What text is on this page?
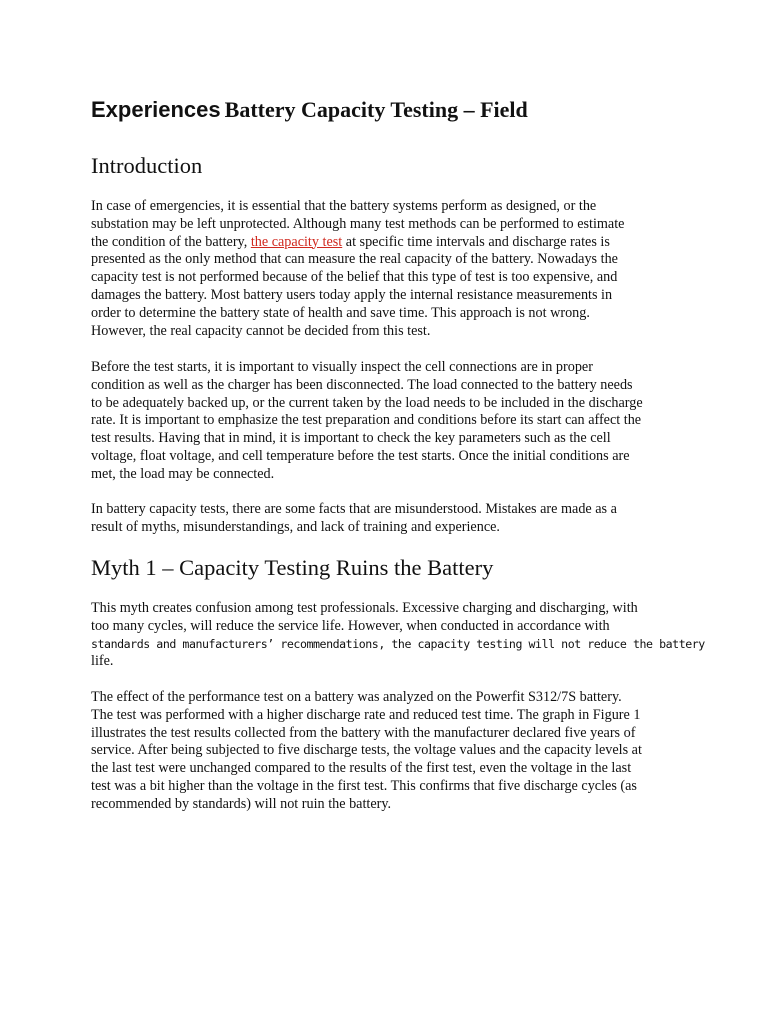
Experiences Battery Capacity Testing – Field
Introduction
In case of emergencies, it is essential that the battery systems perform as designed, or the
substation may be left unprotected. Although many test methods can be performed to estimate
the condition of the battery, the capacity test at specific time intervals and discharge rates is
presented as the only method that can measure the real capacity of the battery. Nowadays the
capacity test is not performed because of the belief that this type of test is too expensive, and
damages the battery. Most battery users today apply the internal resistance measurements in
order to determine the battery state of health and save time. This approach is not wrong.
However, the real capacity cannot be decided from this test.
Before the test starts, it is important to visually inspect the cell connections are in proper
condition as well as the charger has been disconnected. The load connected to the battery needs
to be adequately backed up, or the current taken by the load needs to be included in the discharge
rate. It is important to emphasize the test preparation and conditions before its start can affect the
test results. Having that in mind, it is important to check the key parameters such as the cell
voltage, float voltage, and cell temperature before the test starts. Once the initial conditions are
met, the load may be connected.
In battery capacity tests, there are some facts that are misunderstood. Mistakes are made as a
result of myths, misunderstandings, and lack of training and experience.
Myth 1 – Capacity Testing Ruins the Battery
This myth creates confusion among test professionals. Excessive charging and discharging, with
too many cycles, will reduce the service life. However, when conducted in accordance with
standards and manufacturers’ recommendations, the capacity testing will not reduce the battery
life.
The effect of the performance test on a battery was analyzed on the Powerfit S312/7S battery.
The test was performed with a higher discharge rate and reduced test time. The graph in Figure 1
illustrates the test results collected from the battery with the manufacturer declared five years of
service. After being subjected to five discharge tests, the voltage values and the capacity levels at
the last test were unchanged compared to the results of the first test, even the voltage in the last
test was a bit higher than the voltage in the first test. This confirms that five discharge cycles (as
recommended by standards) will not ruin the battery.
